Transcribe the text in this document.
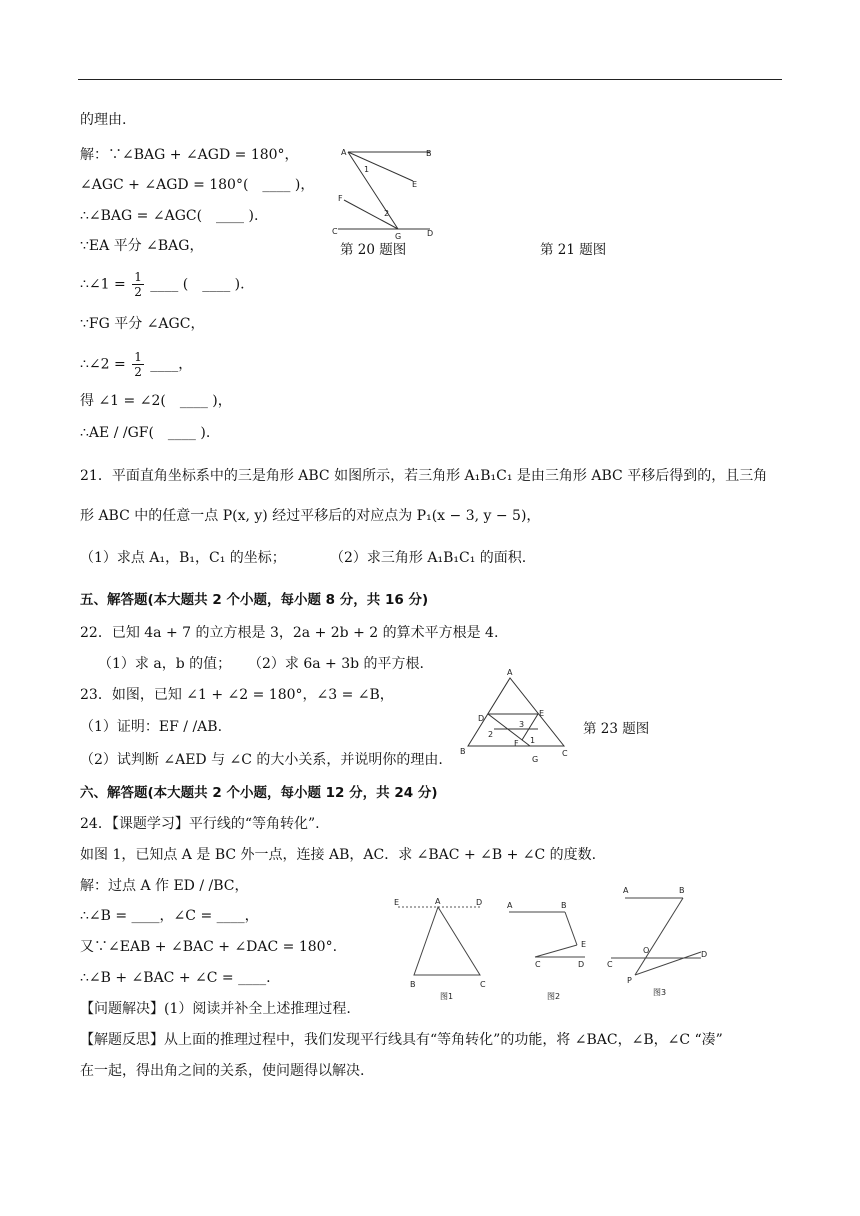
的理由.
解：∵∠BAG + ∠AGD = 180°，
∠AGC + ∠AGD = 180°(　____ )，
∴∠BAG = ∠AGC(　____ ).
∵EA 平分 ∠BAG，
∴∠1 = $\frac{1}{2}$ ____ (　____ ).
∵FG 平分 ∠AGC，
∴∠2 = $\frac{1}{2}$ ____，
得 ∠1 = ∠2(　____ )，
∴AE / /GF(　____ ).
A	B
E
F
1
2
C
G	D
第 20 题图	第 21 题图
21．平面直角坐标系中的三是角形 ABC 如图所示，若三角形 A₁B₁C₁ 是由三角形 ABC 平移后得到的，且三角
形 ABC 中的任意一点 P(x, y) 经过平移后的对应点为 P₁(x − 3, y − 5)，
（1）求点 A₁，B₁，C₁ 的坐标；	（2）求三角形 A₁B₁C₁ 的面积.
五、解答题(本大题共 2 个小题，每小题 8 分，共 16 分)
22．已知 4a + 7 的立方根是 3，2a + 2b + 2 的算术平方根是 4.
（1）求 a，b 的值； （2）求 6a + 3b 的平方根.
23．如图，已知 ∠1 + ∠2 = 180°，∠3 = ∠B，
（1）证明：EF / /AB.
（2）试判断 ∠AED 与 ∠C 的大小关系，并说明你的理由.
A
D
E
3
2
1
F
B	C
G
第 23 题图
六、解答题(本大题共 2 个小题，每小题 12 分，共 24 分)
24．【课题学习】平行线的“等角转化”.
如图 1，已知点 A 是 BC 外一点，连接 AB，AC．求 ∠BAC + ∠B + ∠C 的度数.
解：过点 A 作 ED / /BC，
∴∠B = ____，∠C = ____，
又∵∠EAB + ∠BAC + ∠DAC = 180°.
∴∠B + ∠BAC + ∠C = ____.
【问题解决】(1）阅读并补全上述推理过程.
【解题反思】从上面的推理过程中，我们发现平行线具有“等角转化”的功能，将 ∠BAC，∠B，∠C “凑”
在一起，得出角之间的关系，使问题得以解决.
E	A	D
B	C
图1
A	B
E
C	D
图2
A	B
O
C
D
P
图3
